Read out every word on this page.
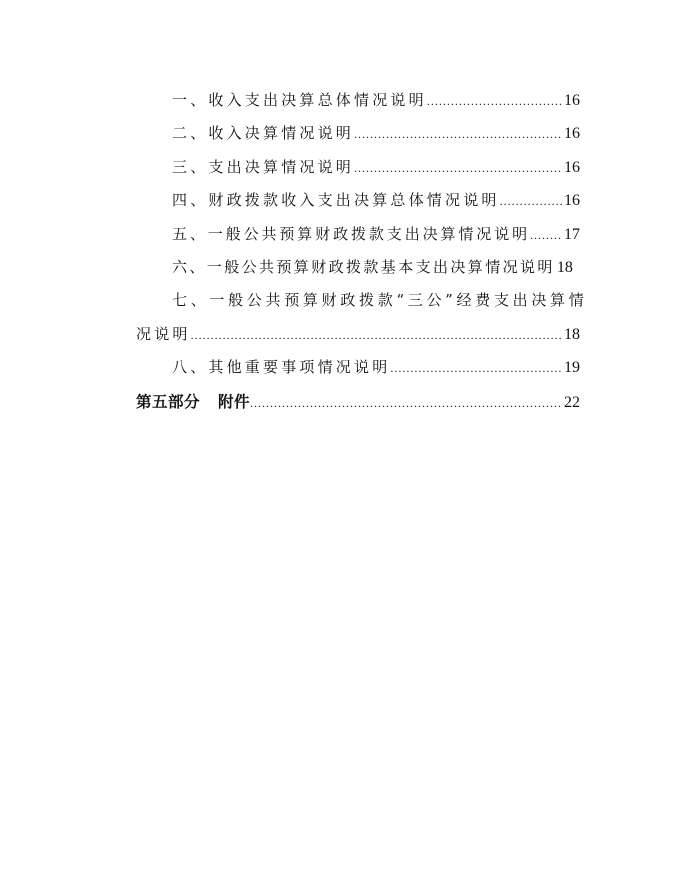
一、收入支出决算总体情况说明 .....	16
二、收入决算情况说明 .....	16
三、支出决算情况说明 .....	16
四、财政拨款收入支出决算总体情况说明 .....	16
五、一般公共预算财政拨款支出决算情况说明 ..... 17
六、一般公共预算财政拨款基本支出决算情况说明 18
七、一般公共预算财政拨款“三公”经费支出决算情
况说明 .....	18
八、其他重要事项情况说明 .....	19
第五部分 附件 .....	22
